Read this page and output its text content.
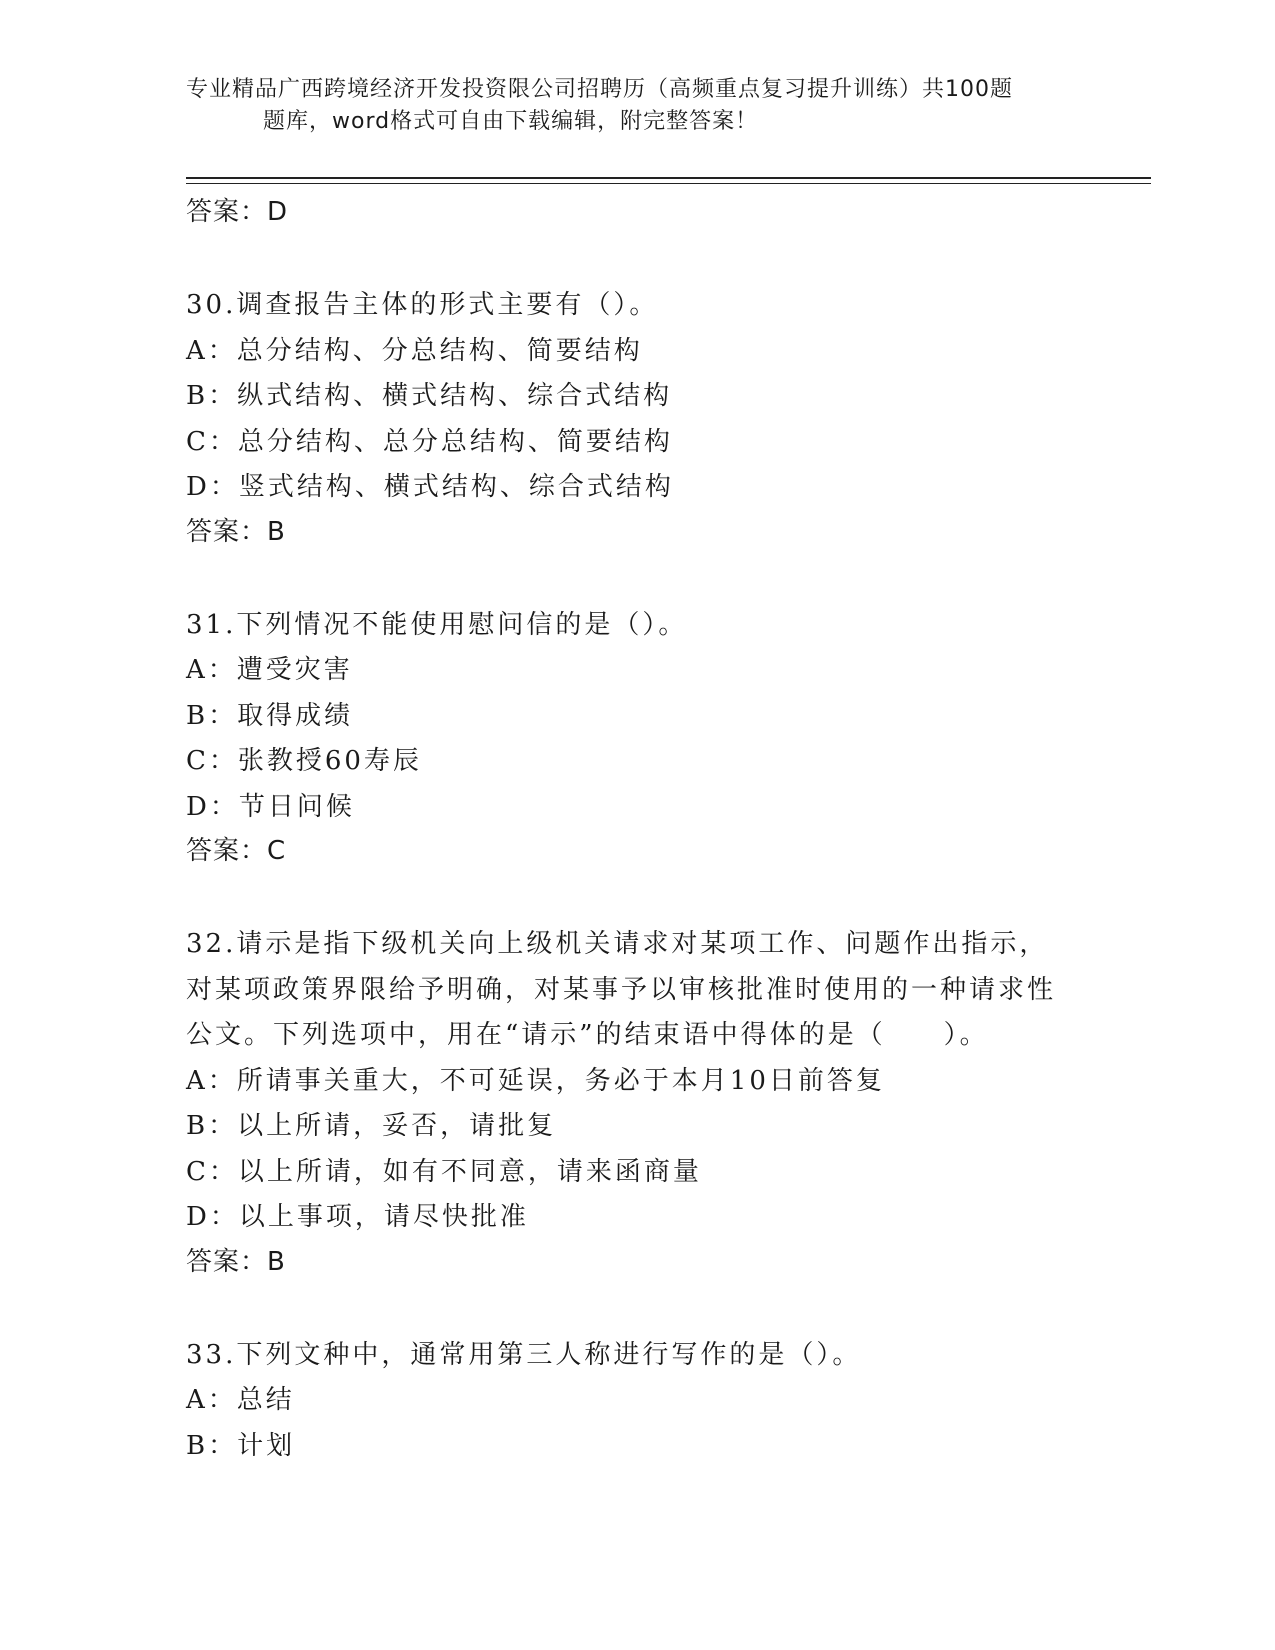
专业精品广西跨境经济开发投资限公司招聘历（高频重点复习提升训练）共100题
题库，word格式可自由下载编辑，附完整答案！
答案：D
30.调查报告主体的形式主要有（）。
A：总分结构、分总结构、简要结构
B：纵式结构、横式结构、综合式结构
C：总分结构、总分总结构、简要结构
D：竖式结构、横式结构、综合式结构
答案：B
31.下列情况不能使用慰问信的是（）。
A：遭受灾害
B：取得成绩
C：张教授60寿辰
D：节日问候
答案：C
32.请示是指下级机关向上级机关请求对某项工作、问题作出指示，对某项政策界限给予明确，对某事予以审核批准时使用的一种请求性公文。下列选项中，用在“请示”的结束语中得体的是（　　）。
A：所请事关重大，不可延误，务必于本月10日前答复
B：以上所请，妥否，请批复
C：以上所请，如有不同意，请来函商量
D：以上事项，请尽快批准
答案：B
33.下列文种中，通常用第三人称进行写作的是（）。
A：总结
B：计划
